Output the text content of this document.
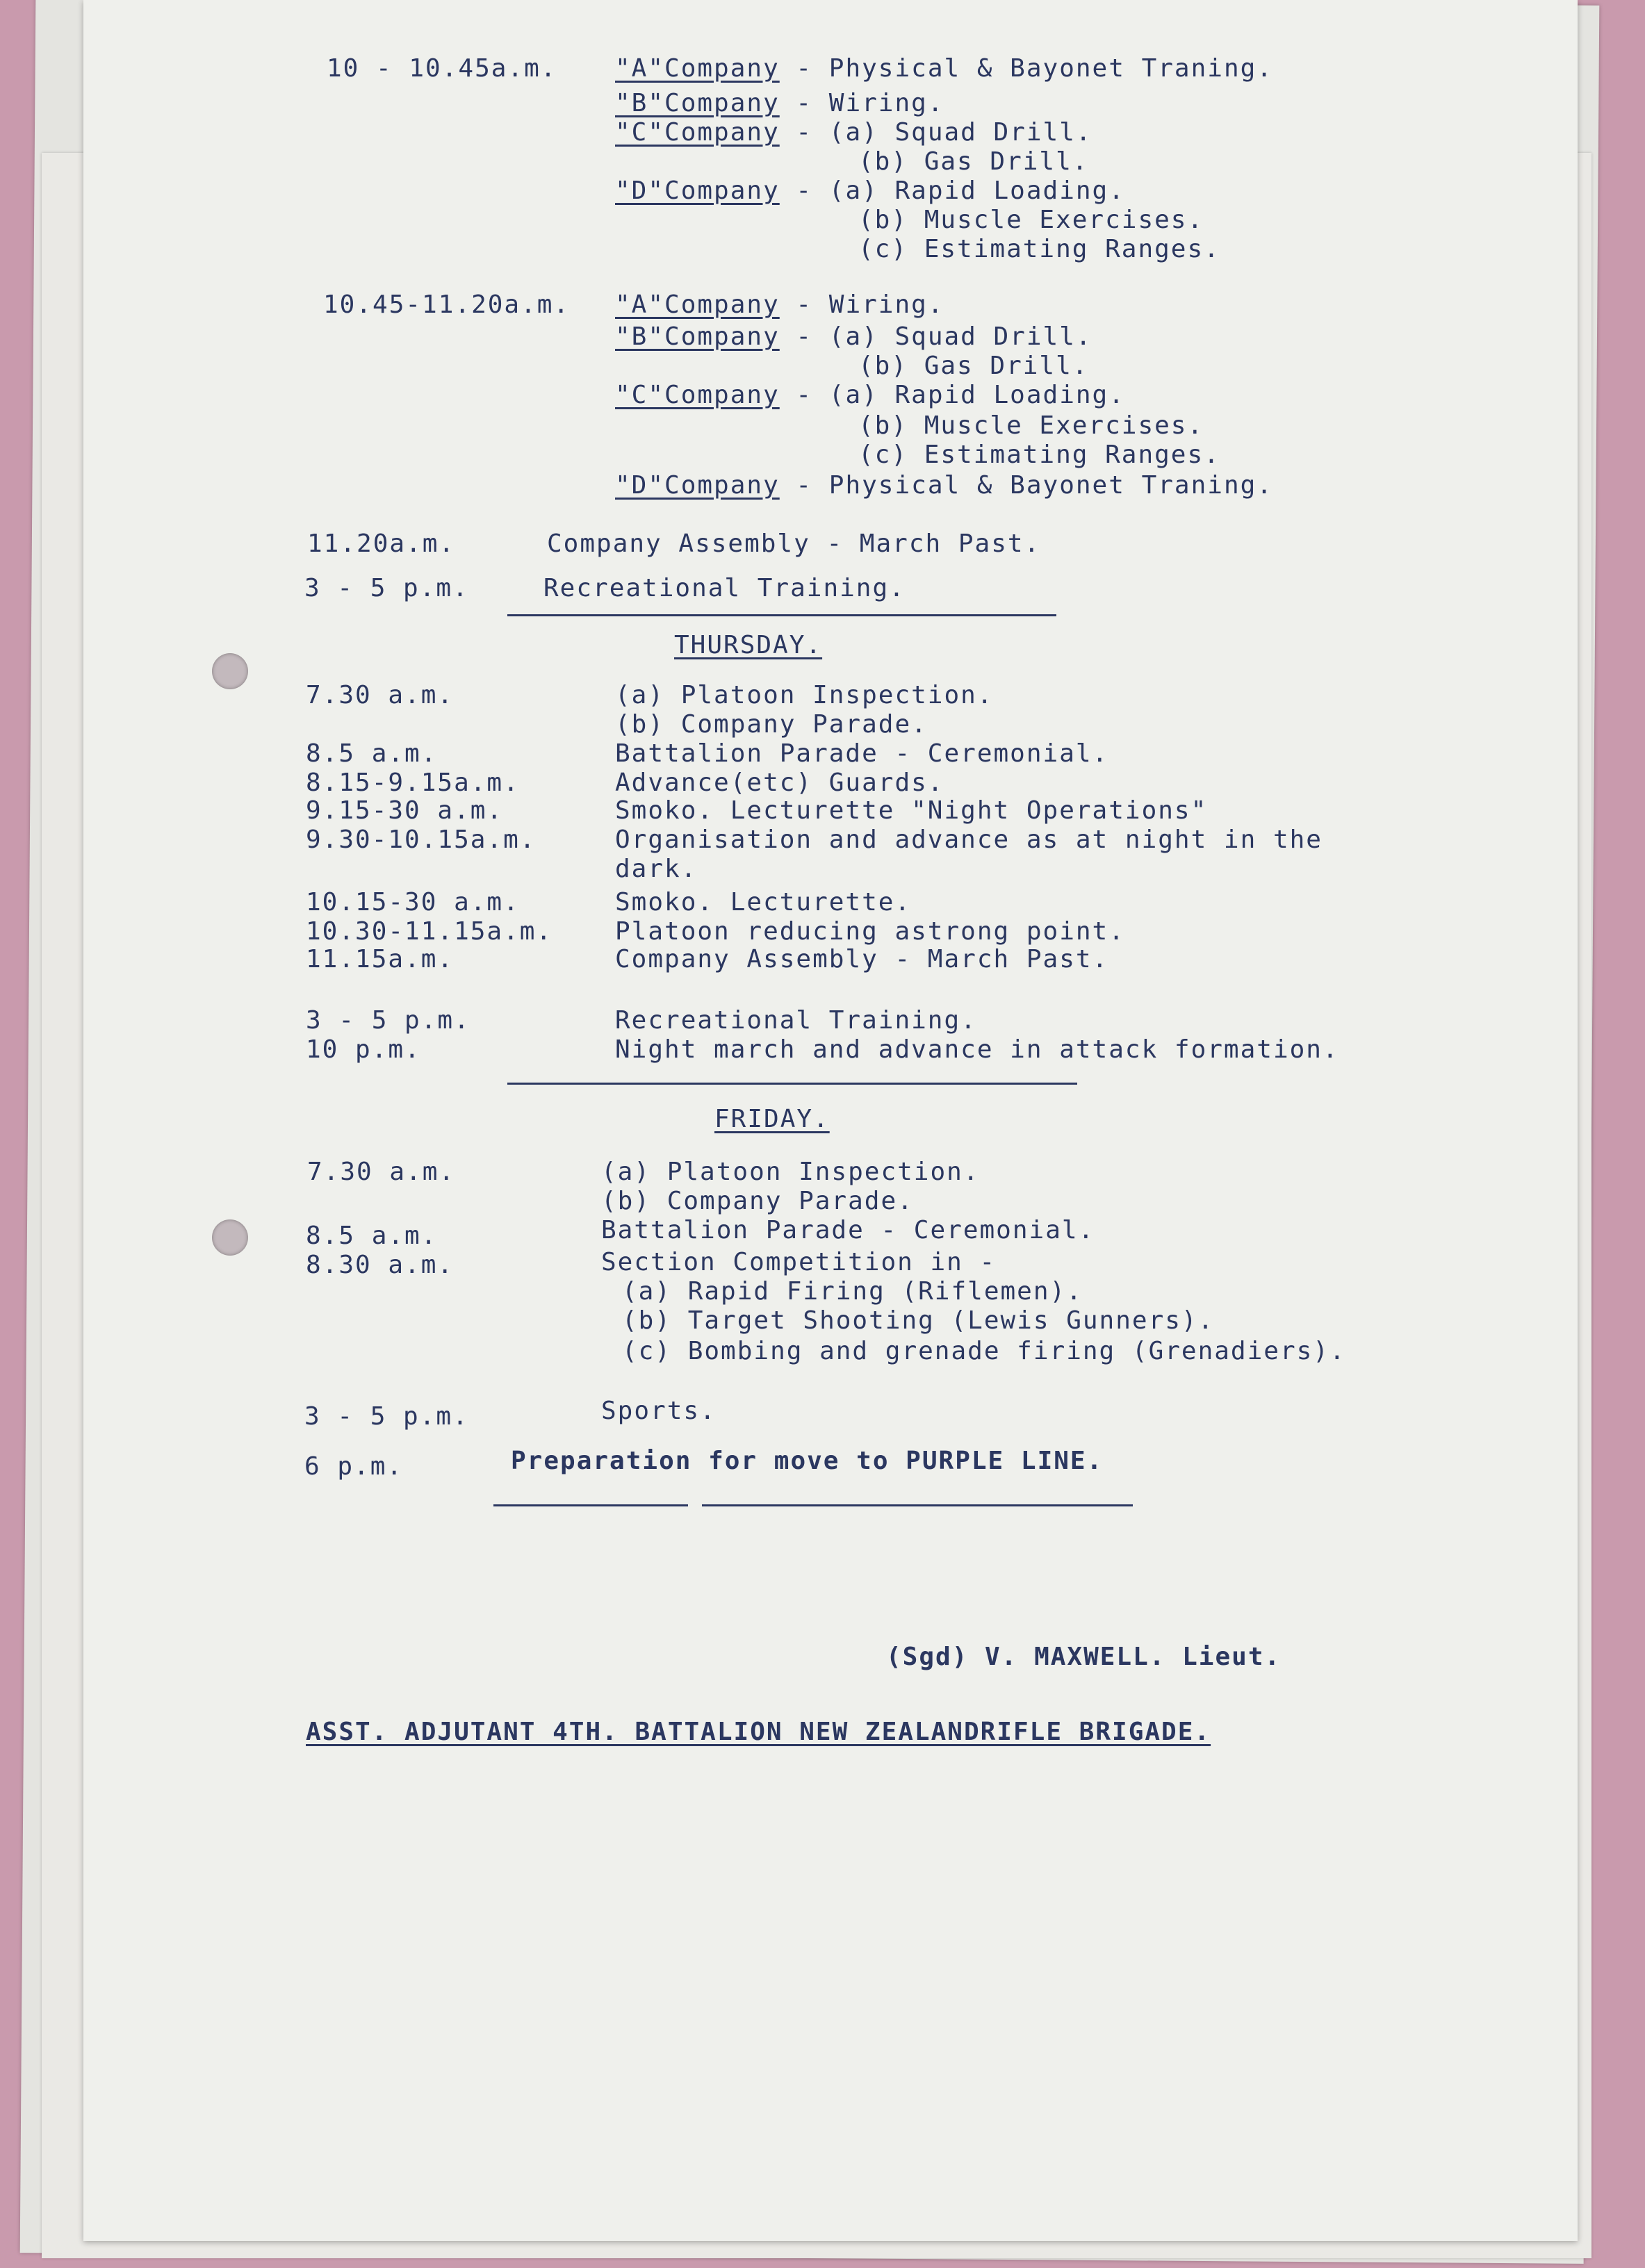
10 - 10.45a.m. "A"Company - Physical & Bayonet Traning.
"B"Company - Wiring.
"C"Company - (a) Squad Drill.
(b) Gas Drill.
"D"Company - (a) Rapid Loading.
(b) Muscle Exercises.
(c) Estimating Ranges.
10.45-11.20a.m. "A"Company - Wiring.
"B"Company - (a) Squad Drill.
(b) Gas Drill.
"C"Company - (a) Rapid Loading.
(b) Muscle Exercises.
(c) Estimating Ranges.
"D"Company - Physical & Bayonet Traning.
11.20a.m.	Company Assembly - March Past.
3 - 5 p.m.	Recreational Training.
THURSDAY.
7.30 a.m.	(a) Platoon Inspection.
(b) Company Parade.
8.5 a.m.	Battalion Parade - Ceremonial.
8.15-9.15a.m.	Advance(etc) Guards.
9.15-30 a.m.	Smoko. Lecturette "Night Operations"
9.30-10.15a.m.	Organisation and advance as at night in the
dark.
10.15-30 a.m.	Smoko. Lecturette.
10.30-11.15a.m. Platoon reducing astrong point.
11.15a.m.	Company Assembly - March Past.
3 - 5 p.m.	Recreational Training.
10 p.m.	Night march and advance in attack formation.
FRIDAY.
7.30 a.m.	(a) Platoon Inspection.
(b) Company Parade.
8.5 a.m.	Battalion Parade - Ceremonial.
8.30 a.m.	Section Competition in -
(a) Rapid Firing (Riflemen).
(b) Target Shooting (Lewis Gunners).
(c) Bombing and grenade firing (Grenadiers).
3 - 5 p.m.	Sports.
6 p.m.	Preparation for move to PURPLE LINE.
(Sgd) V. MAXWELL. Lieut.
ASST. ADJUTANT 4TH. BATTALION NEW ZEALANDRIFLE BRIGADE.
